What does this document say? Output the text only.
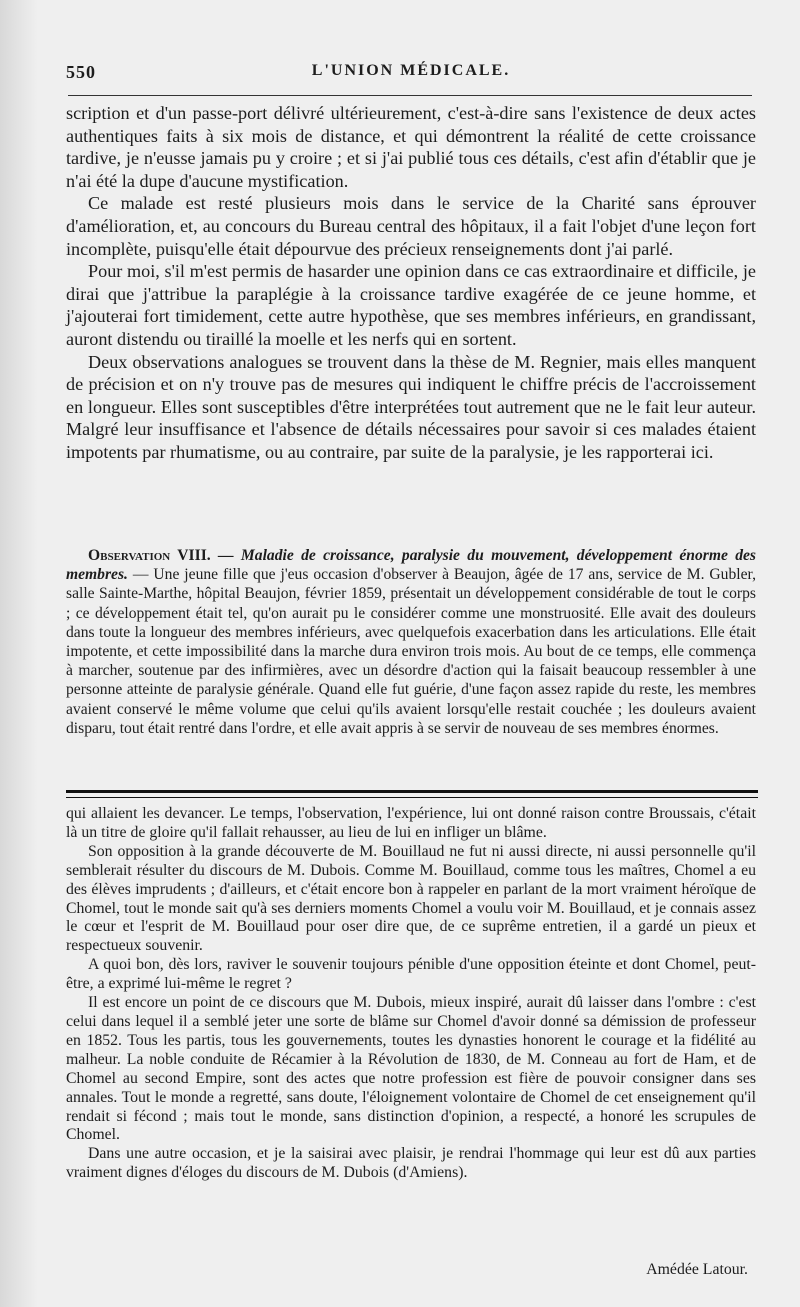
550	L'UNION MÉDICALE.

scription et d'un passe-port délivré ultérieurement, c'est-à-dire sans l'existence de deux actes authentiques faits à six mois de distance, et qui démontrent la réalité de cette croissance tardive, je n'eusse jamais pu y croire ; et si j'ai publié tous ces détails, c'est afin d'établir que je n'ai été la dupe d'aucune mystification.

Ce malade est resté plusieurs mois dans le service de la Charité sans éprouver d'amélioration, et, au concours du Bureau central des hôpitaux, il a fait l'objet d'une leçon fort incomplète, puisqu'elle était dépourvue des précieux renseignements dont j'ai parlé.

Pour moi, s'il m'est permis de hasarder une opinion dans ce cas extraordinaire et difficile, je dirai que j'attribue la paraplégie à la croissance tardive exagérée de ce jeune homme, et j'ajouterai fort timidement, cette autre hypothèse, que ses membres inférieurs, en grandissant, auront distendu ou tiraillé la moelle et les nerfs qui en sortent.

Deux observations analogues se trouvent dans la thèse de M. Regnier, mais elles manquent de précision et on n'y trouve pas de mesures qui indiquent le chiffre précis de l'accroissement en longueur. Elles sont susceptibles d'être interprétées tout autrement que ne le fait leur auteur. Malgré leur insuffisance et l'absence de détails nécessaires pour savoir si ces malades étaient impotents par rhumatisme, ou au contraire, par suite de la paralysie, je les rapporterai ici.

Observation VIII. — Maladie de croissance, paralysie du mouvement, développement énorme des membres. — Une jeune fille que j'eus occasion d'observer à Beaujon, âgée de 17 ans, service de M. Gubler, salle Sainte-Marthe, hôpital Beaujon, février 1859, présentait un développement considérable de tout le corps ; ce développement était tel, qu'on aurait pu le considérer comme une monstruosité. Elle avait des douleurs dans toute la longueur des membres inférieurs, avec quelquefois exacerbation dans les articulations. Elle était impotente, et cette impossibilité dans la marche dura environ trois mois. Au bout de ce temps, elle commença à marcher, soutenue par des infirmières, avec un désordre d'action qui la faisait beaucoup ressembler à une personne atteinte de paralysie générale. Quand elle fut guérie, d'une façon assez rapide du reste, les membres avaient conservé le même volume que celui qu'ils avaient lorsqu'elle restait couchée ; les douleurs avaient disparu, tout était rentré dans l'ordre, et elle avait appris à se servir de nouveau de ses membres énormes.

qui allaient les devancer. Le temps, l'observation, l'expérience, lui ont donné raison contre Broussais, c'était là un titre de gloire qu'il fallait rehausser, au lieu de lui en infliger un blâme.

Son opposition à la grande découverte de M. Bouillaud ne fut ni aussi directe, ni aussi personnelle qu'il semblerait résulter du discours de M. Dubois. Comme M. Bouillaud, comme tous les maîtres, Chomel a eu des élèves imprudents ; d'ailleurs, et c'était encore bon à rappeler en parlant de la mort vraiment héroïque de Chomel, tout le monde sait qu'à ses derniers moments Chomel a voulu voir M. Bouillaud, et je connais assez le cœur et l'esprit de M. Bouillaud pour oser dire que, de ce suprême entretien, il a gardé un pieux et respectueux souvenir.

A quoi bon, dès lors, raviver le souvenir toujours pénible d'une opposition éteinte et dont Chomel, peut-être, a exprimé lui-même le regret ?

Il est encore un point de ce discours que M. Dubois, mieux inspiré, aurait dû laisser dans l'ombre : c'est celui dans lequel il a semblé jeter une sorte de blâme sur Chomel d'avoir donné sa démission de professeur en 1852. Tous les partis, tous les gouvernements, toutes les dynasties honorent le courage et la fidélité au malheur. La noble conduite de Récamier à la Révolution de 1830, de M. Conneau au fort de Ham, et de Chomel au second Empire, sont des actes que notre profession est fière de pouvoir consigner dans ses annales. Tout le monde a regretté, sans doute, l'éloignement volontaire de Chomel de cet enseignement qu'il rendait si fécond ; mais tout le monde, sans distinction d'opinion, a respecté, a honoré les scrupules de Chomel.

Dans une autre occasion, et je la saisirai avec plaisir, je rendrai l'hommage qui leur est dû aux parties vraiment dignes d'éloges du discours de M. Dubois (d'Amiens).

Amédée Latour.
